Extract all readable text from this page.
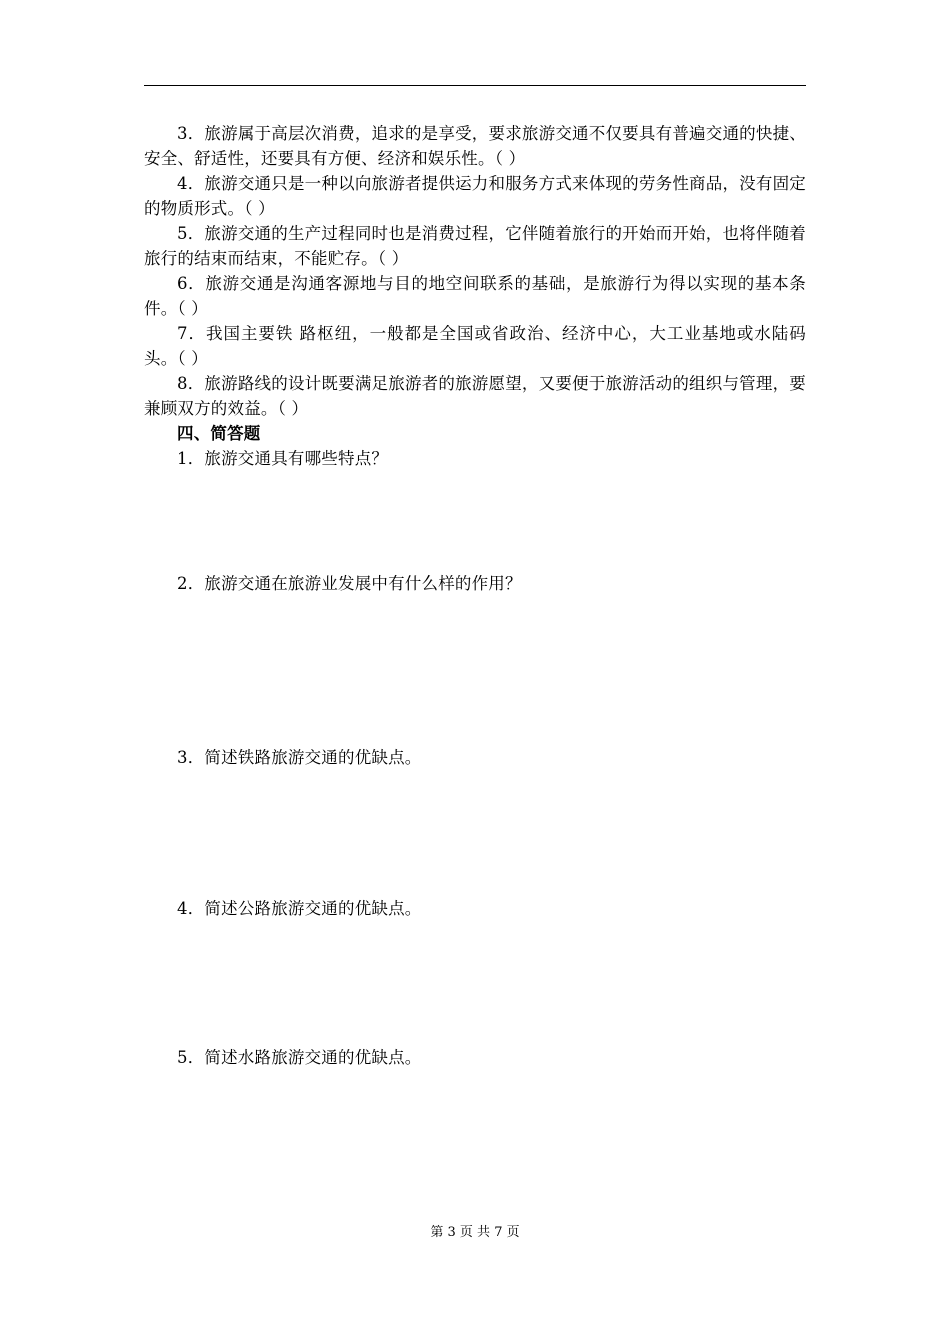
3．旅游属于高层次消费，追求的是享受，要求旅游交通不仅要具有普遍交通的快捷、安全、舒适性，还要具有方便、经济和娱乐性。（ ）

4．旅游交通只是一种以向旅游者提供运力和服务方式来体现的劳务性商品，没有固定的物质形式。（ ）

5．旅游交通的生产过程同时也是消费过程，它伴随着旅行的开始而开始，也将伴随着旅行的结束而结束，不能贮存。（ ）

6．旅游交通是沟通客源地与目的地空间联系的基础，是旅游行为得以实现的基本条件。（ ）

7．我国主要铁 路枢纽，一般都是全国或省政治、经济中心，大工业基地或水陆码头。（ ）

8．旅游路线的设计既要满足旅游者的旅游愿望，又要便于旅游活动的组织与管理，要兼顾双方的效益。（ ）

四、简答题

1．旅游交通具有哪些特点？

2．旅游交通在旅游业发展中有什么样的作用？

3．简述铁路旅游交通的优缺点。

4．简述公路旅游交通的优缺点。

5．简述水路旅游交通的优缺点。

第 3 页 共 7 页
